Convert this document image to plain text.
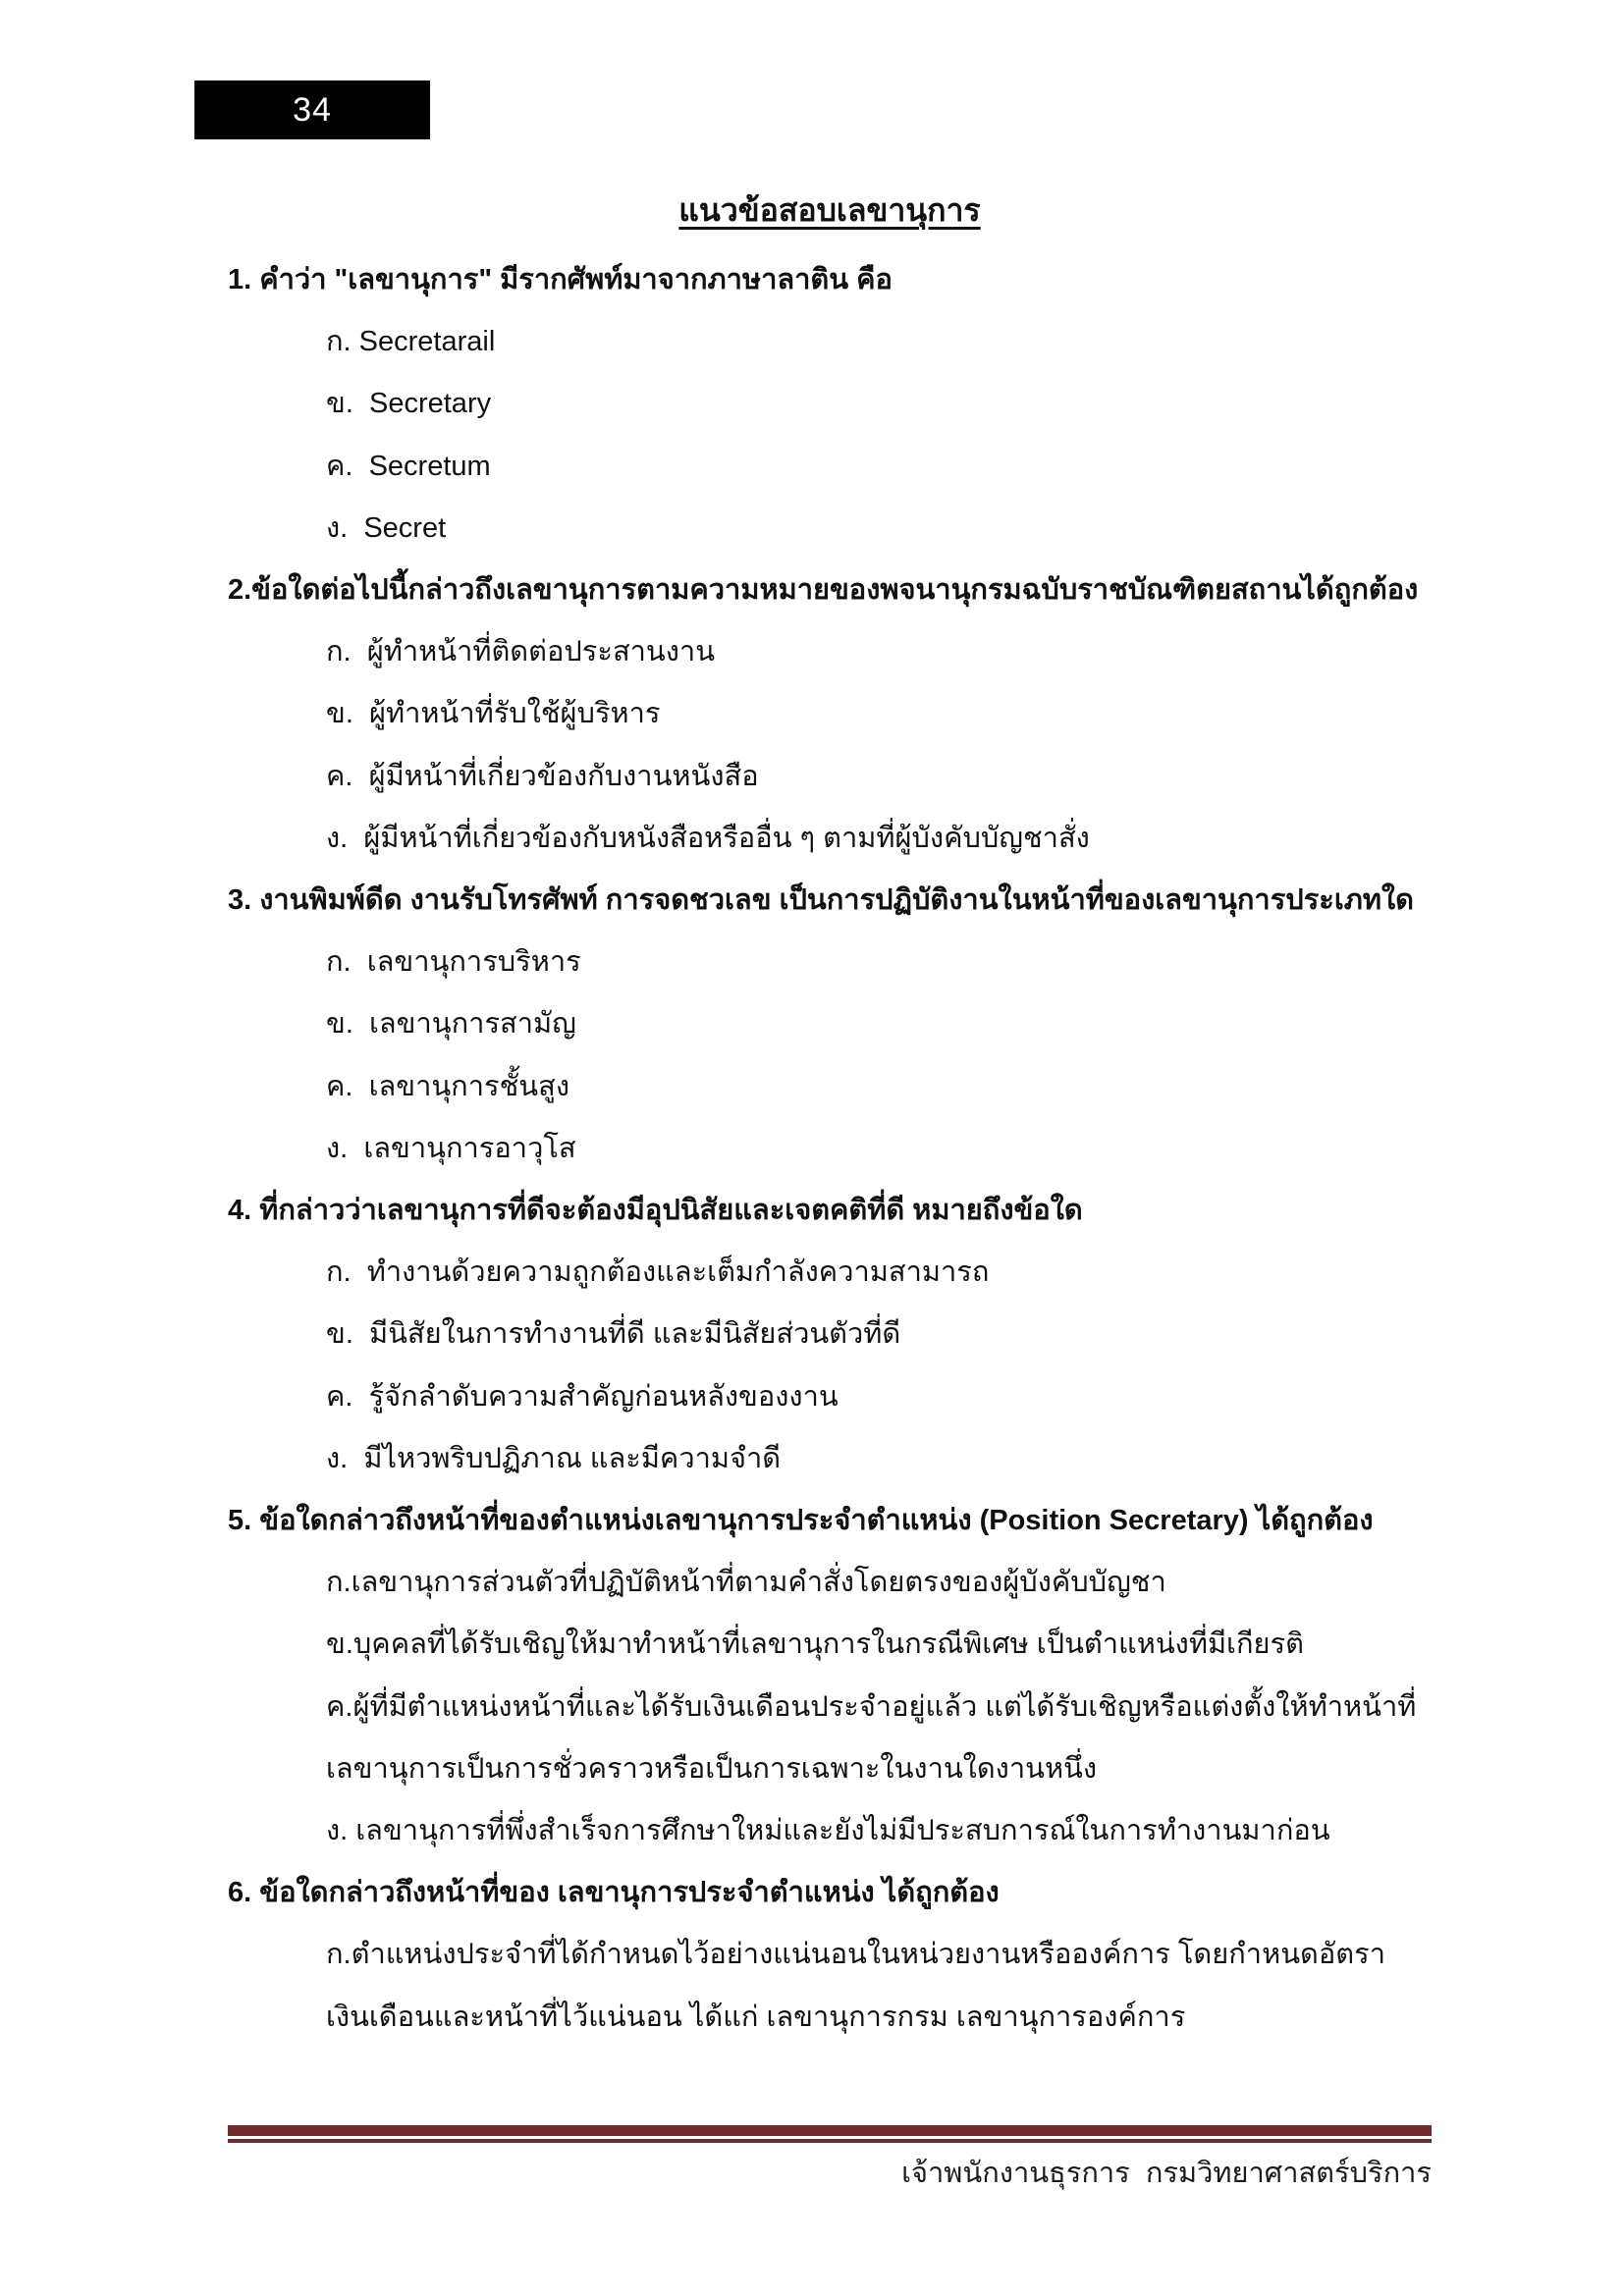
34
แนวข้อสอบเลขานุการ
1. คำว่า "เลขานุการ" มีรากศัพท์มาจากภาษาลาติน คือ
ก. Secretarail
ข.  Secretary
ค.  Secretum
ง.  Secret
2.ข้อใดต่อไปนี้กล่าวถึงเลขานุการตามความหมายของพจนานุกรมฉบับราชบัณฑิตยสถานได้ถูกต้อง
ก.  ผู้ทำหน้าที่ติดต่อประสานงาน
ข.  ผู้ทำหน้าที่รับใช้ผู้บริหาร
ค.  ผู้มีหน้าที่เกี่ยวข้องกับงานหนังสือ
ง.  ผู้มีหน้าที่เกี่ยวข้องกับหนังสือหรืออื่น ๆ ตามที่ผู้บังคับบัญชาสั่ง
3. งานพิมพ์ดีด งานรับโทรศัพท์ การจดชวเลข เป็นการปฏิบัติงานในหน้าที่ของเลขานุการประเภทใด
ก.  เลขานุการบริหาร
ข.  เลขานุการสามัญ
ค.  เลขานุการชั้นสูง
ง.  เลขานุการอาวุโส
4. ที่กล่าวว่าเลขานุการที่ดีจะต้องมีอุปนิสัยและเจตคติที่ดี หมายถึงข้อใด
ก.  ทำงานด้วยความถูกต้องและเต็มกำลังความสามารถ
ข.  มีนิสัยในการทำงานที่ดี และมีนิสัยส่วนตัวที่ดี
ค.  รู้จักลำดับความสำคัญก่อนหลังของงาน
ง.  มีไหวพริบปฏิภาณ และมีความจำดี
5. ข้อใดกล่าวถึงหน้าที่ของตำแหน่งเลขานุการประจำตำแหน่ง (Position Secretary) ได้ถูกต้อง
ก.เลขานุการส่วนตัวที่ปฏิบัติหน้าที่ตามคำสั่งโดยตรงของผู้บังคับบัญชา
ข.บุคคลที่ได้รับเชิญให้มาทำหน้าที่เลขานุการในกรณีพิเศษ เป็นตำแหน่งที่มีเกียรติ
ค.ผู้ที่มีตำแหน่งหน้าที่และได้รับเงินเดือนประจำอยู่แล้ว แต่ได้รับเชิญหรือแต่งตั้งให้ทำหน้าที่
เลขานุการเป็นการชั่วคราวหรือเป็นการเฉพาะในงานใดงานหนึ่ง
ง. เลขานุการที่พึ่งสำเร็จการศึกษาใหม่และยังไม่มีประสบการณ์ในการทำงานมาก่อน
6. ข้อใดกล่าวถึงหน้าที่ของ เลขานุการประจำตำแหน่ง ได้ถูกต้อง
ก.ตำแหน่งประจำที่ได้กำหนดไว้อย่างแน่นอนในหน่วยงานหรือองค์การ โดยกำหนดอัตรา
เงินเดือนและหน้าที่ไว้แน่นอน ได้แก่ เลขานุการกรม เลขานุการองค์การ
เจ้าพนักงานธุรการ  กรมวิทยาศาสตร์บริการ
